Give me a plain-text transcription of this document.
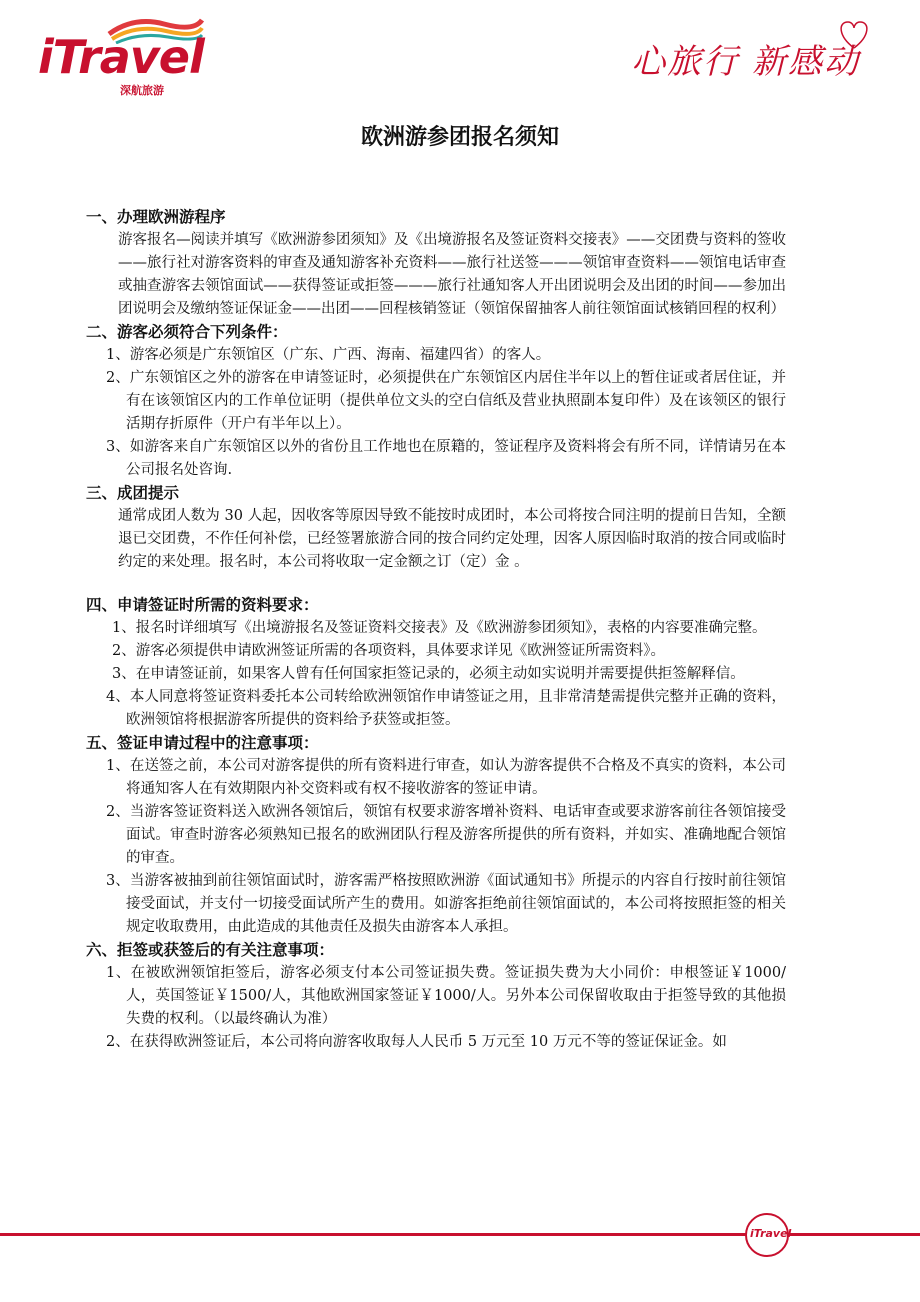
iTravel
深航旅游
心旅行 新感动
欧洲游参团报名须知

一、办理欧洲游程序

游客报名—阅读并填写《欧洲游参团须知》及《出境游报名及签证资料交接表》——交团费与资料的签收——旅行社对游客资料的审查及通知游客补充资料——旅行社送签———领馆审查资料——领馆电话审查或抽查游客去领馆面试——获得签证或拒签———旅行社通知客人开出团说明会及出团的时间——参加出团说明会及缴纳签证保证金——出团——回程核销签证（领馆保留抽客人前往领馆面试核销回程的权利）

二、游客必须符合下列条件：

1、游客必须是广东领馆区（广东、广西、海南、福建四省）的客人。

2、广东领馆区之外的游客在申请签证时，必须提供在广东领馆区内居住半年以上的暂住证或者居住证，并有在该领馆区内的工作单位证明（提供单位文头的空白信纸及营业执照副本复印件）及在该领区的银行活期存折原件（开户有半年以上）。

3、如游客来自广东领馆区以外的省份且工作地也在原籍的，签证程序及资料将会有所不同，详情请另在本公司报名处咨询.

三、成团提示

通常成团人数为 30 人起，因收客等原因导致不能按时成团时，本公司将按合同注明的提前日告知，全额退已交团费，不作任何补偿，已经签署旅游合同的按合同约定处理，因客人原因临时取消的按合同或临时约定的来处理。报名时，本公司将收取一定金额之订（定）金 。

四、申请签证时所需的资料要求：

1、报名时详细填写《出境游报名及签证资料交接表》及《欧洲游参团须知》，表格的内容要准确完整。

2、游客必须提供申请欧洲签证所需的各项资料，具体要求详见《欧洲签证所需资料》。

3、在申请签证前，如果客人曾有任何国家拒签记录的，必须主动如实说明并需要提供拒签解释信。

4、本人同意将签证资料委托本公司转给欧洲领馆作申请签证之用，且非常清楚需提供完整并正确的资料，欧洲领馆将根据游客所提供的资料给予获签或拒签。

五、签证申请过程中的注意事项：

1、在送签之前，本公司对游客提供的所有资料进行审查，如认为游客提供不合格及不真实的资料，本公司将通知客人在有效期限内补交资料或有权不接收游客的签证申请。

2、当游客签证资料送入欧洲各领馆后，领馆有权要求游客增补资料、电话审查或要求游客前往各领馆接受面试。审查时游客必须熟知已报名的欧洲团队行程及游客所提供的所有资料，并如实、准确地配合领馆的审查。

3、当游客被抽到前往领馆面试时，游客需严格按照欧洲游《面试通知书》所提示的内容自行按时前往领馆接受面试，并支付一切接受面试所产生的费用。如游客拒绝前往领馆面试的，本公司将按照拒签的相关规定收取费用，由此造成的其他责任及损失由游客本人承担。

六、拒签或获签后的有关注意事项：

1、在被欧洲领馆拒签后，游客必须支付本公司签证损失费。签证损失费为大小同价：申根签证￥1000/人，英国签证￥1500/人，其他欧洲国家签证￥1000/人。另外本公司保留收取由于拒签导致的其他损失费的权利。（以最终确认为准）

2、在获得欧洲签证后，本公司将向游客收取每人人民币 5 万元至 10 万元不等的签证保证金。如

iTravel
